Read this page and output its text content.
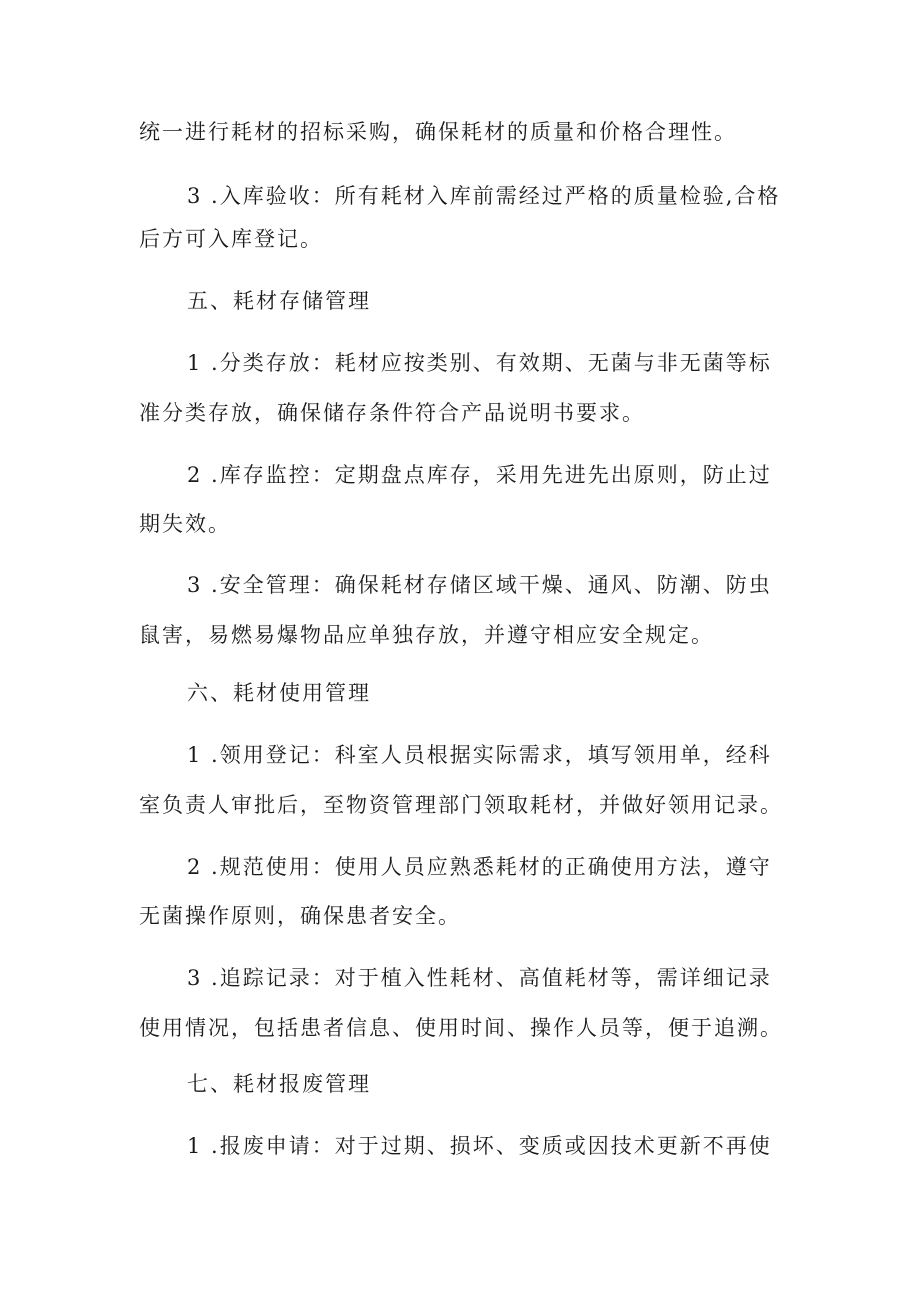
统一进行耗材的招标采购，确保耗材的质量和价格合理性。
3 .入库验收：所有耗材入库前需经过严格的质量检验,合格
后方可入库登记。
五、耗材存储管理
1 .分类存放：耗材应按类别、有效期、无菌与非无菌等标
准分类存放，确保储存条件符合产品说明书要求。
2 .库存监控：定期盘点库存，采用先进先出原则，防止过
期失效。
3 .安全管理：确保耗材存储区域干燥、通风、防潮、防虫
鼠害，易燃易爆物品应单独存放，并遵守相应安全规定。
六、耗材使用管理
1 .领用登记：科室人员根据实际需求，填写领用单，经科
室负责人审批后，至物资管理部门领取耗材，并做好领用记录。
2 .规范使用：使用人员应熟悉耗材的正确使用方法，遵守
无菌操作原则，确保患者安全。
3 .追踪记录：对于植入性耗材、高值耗材等，需详细记录
使用情况，包括患者信息、使用时间、操作人员等，便于追溯。
七、耗材报废管理
1 .报废申请：对于过期、损坏、变质或因技术更新不再使
